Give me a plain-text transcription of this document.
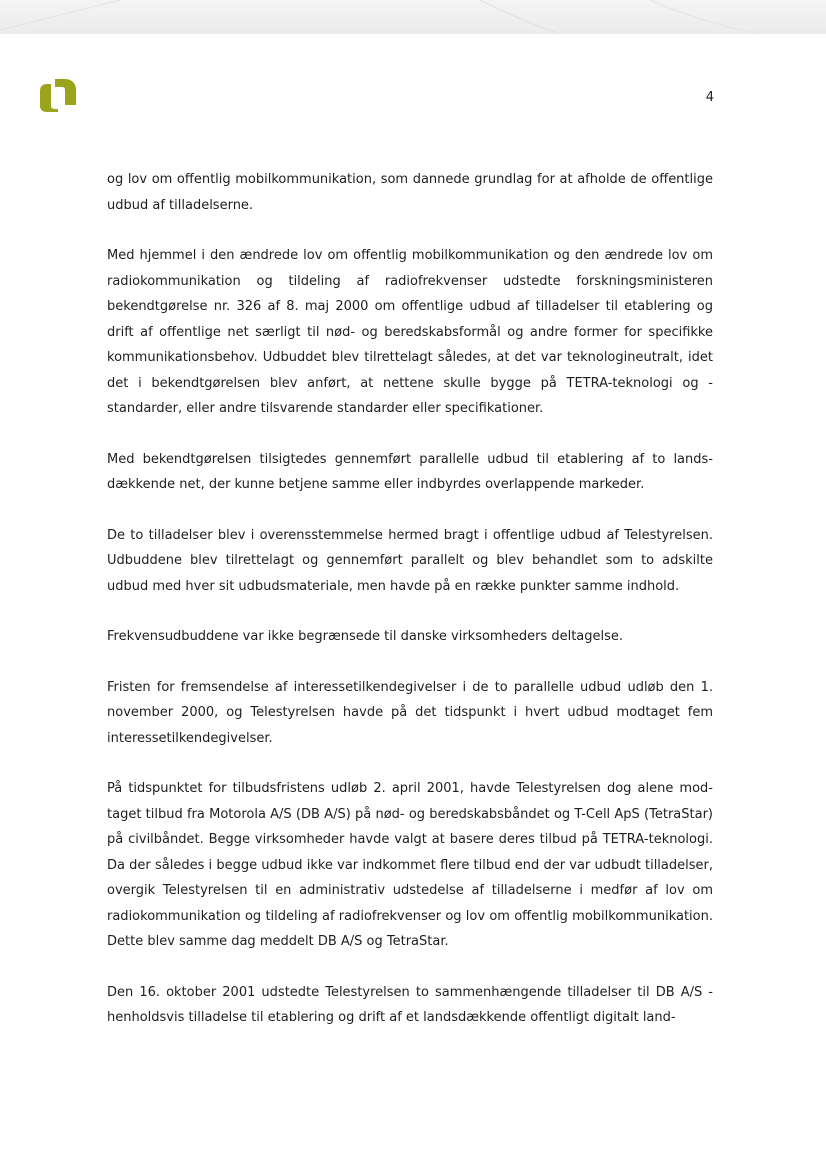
4

og lov om offentlig mobilkommunikation, som dannede grundlag for at afholde de offentlige udbud af tilladelserne.

Med hjemmel i den ændrede lov om offentlig mobilkommunikation og den ændrede lov om radiokommunikation og tildeling af radiofrekvenser udstedte forskningsministeren bekendtgørelse nr. 326 af 8. maj 2000 om offentlige udbud af tilladelser til etablering og drift af offentlige net særligt til nød- og beredskabsformål og andre former for specifikke kommunikationsbehov. Udbuddet blev tilrettelagt således, at det var teknologineutralt, idet det i bekendtgørelsen blev anført, at nettene skulle bygge på TETRA-teknologi og -standarder, eller andre tilsvarende standarder eller specifikationer.

Med bekendtgørelsen tilsigtedes gennemført parallelle udbud til etablering af to landsdækkende net, der kunne betjene samme eller indbyrdes overlappende markeder.

De to tilladelser blev i overensstemmelse hermed bragt i offentlige udbud af Telestyrelsen. Udbuddene blev tilrettelagt og gennemført parallelt og blev behandlet som to adskilte udbud med hver sit udbudsmateriale, men havde på en række punkter samme indhold.

Frekvensudbuddene var ikke begrænsede til danske virksomheders deltagelse.

Fristen for fremsendelse af interessetilkendegivelser i de to parallelle udbud udløb den 1. november 2000, og Telestyrelsen havde på det tidspunkt i hvert udbud modtaget fem interessetilkendegivelser.

På tidspunktet for tilbudsfristens udløb 2. april 2001, havde Telestyrelsen dog alene modtaget tilbud fra Motorola A/S (DB A/S) på nød- og beredskabsbåndet og T-Cell ApS (TetraStar) på civilbåndet. Begge virksomheder havde valgt at basere deres tilbud på TETRA-teknologi. Da der således i begge udbud ikke var indkommet flere tilbud end der var udbudt tilladelser, overgik Telestyrelsen til en administrativ udstedelse af tilladelserne i medfør af lov om radiokommunikation og tildeling af radiofrekvenser og lov om offentlig mobilkommunikation. Dette blev samme dag meddelt DB A/S og TetraStar.

Den 16. oktober 2001 udstedte Telestyrelsen to sammenhængende tilladelser til DB A/S - henholdsvis tilladelse til etablering og drift af et landsdækkende offentligt digitalt land-
